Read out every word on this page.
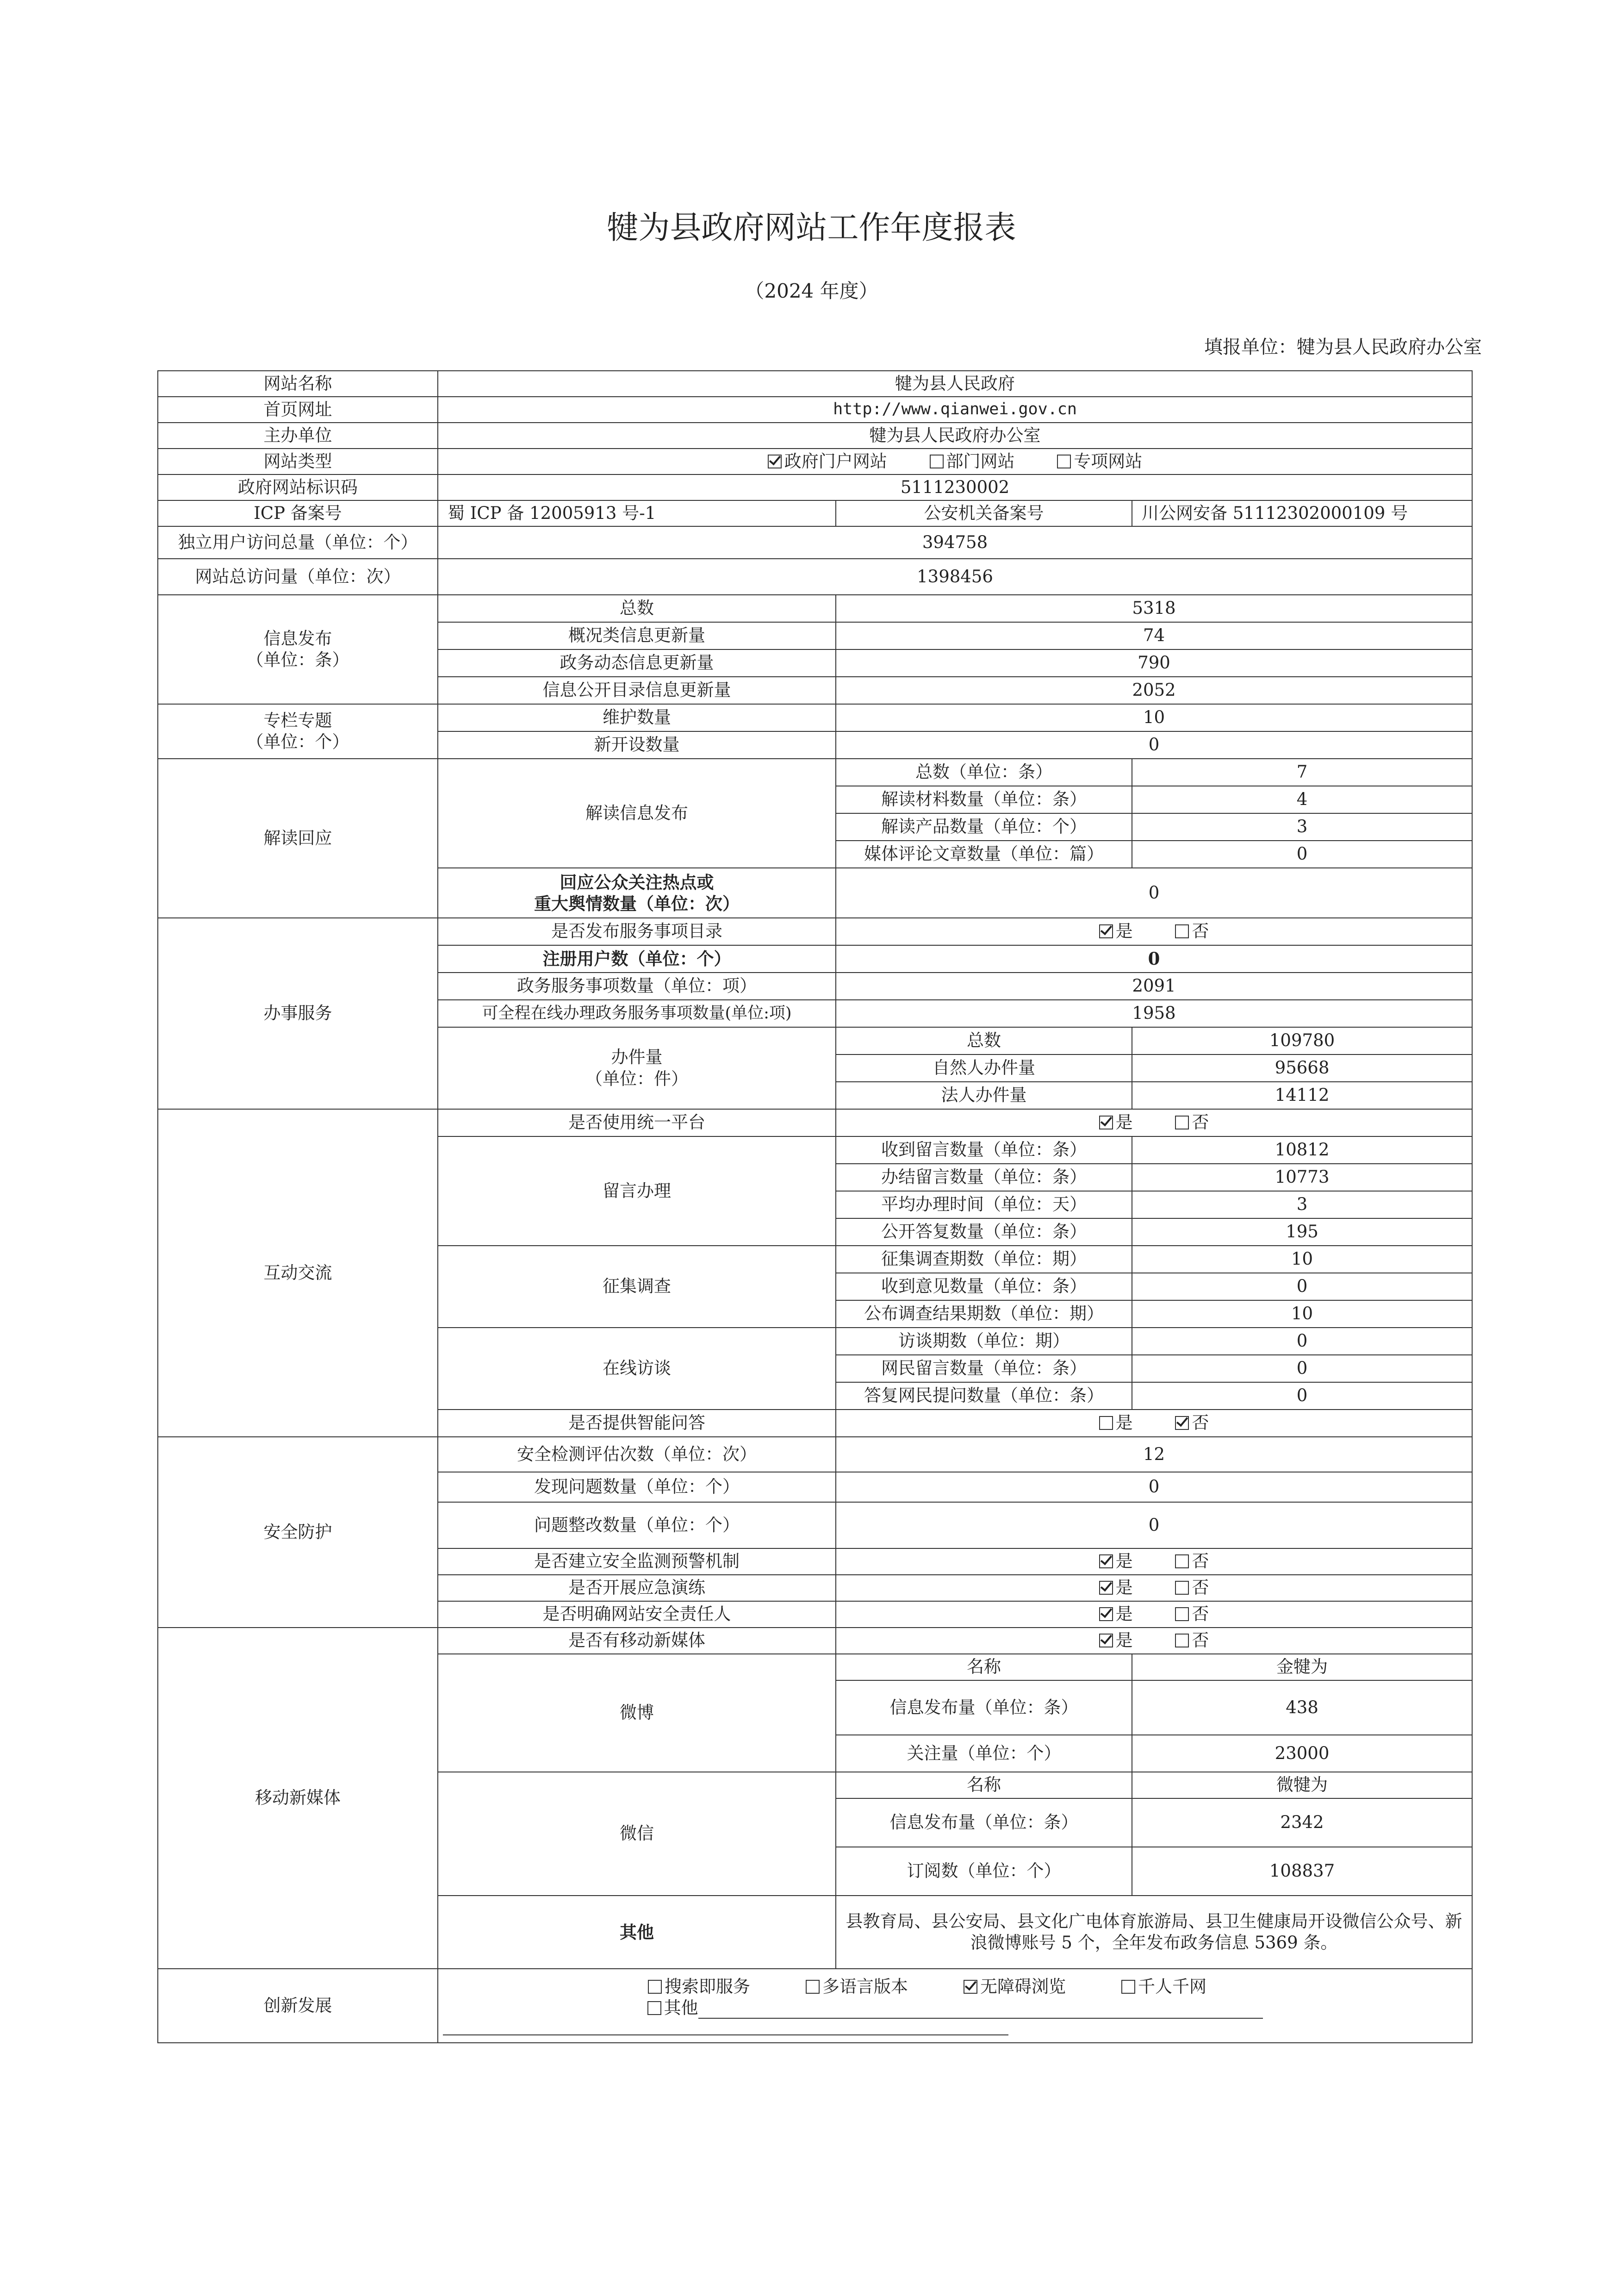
犍为县政府网站工作年度报表
（2024 年度）
填报单位：犍为县人民政府办公室
网站名称	犍为县人民政府		
首页网址	http://www.qianwei.gov.cn		
主办单位	犍为县人民政府办公室		
网站类型	政府门户网站 部门网站 专项网站		
政府网站标识码	5111230002		
ICP 备案号	蜀 ICP 备 12005913 号-1	公安机关备案号	川公网安备 51112302000109 号
独立用户访问总量（单位：个）	394758		
网站总访问量（单位：次）	1398456		
信息发布
（单位：条）	总数	5318	
	概况类信息更新量	74	
	政务动态信息更新量	790	
	信息公开目录信息更新量	2052	
专栏专题
（单位：个）	维护数量	10	
	新开设数量	0	
解读回应	解读信息发布	总数（单位：条）	7
		解读材料数量（单位：条）	4
		解读产品数量（单位：个）	3
		媒体评论文章数量（单位：篇）	0
	回应公众关注热点或
重大舆情数量（单位：次）	0	
办事服务	是否发布服务事项目录	是 否	
	注册用户数（单位：个）	0	
	政务服务事项数量（单位：项）	2091	
	可全程在线办理政务服务事项数量(单位:项)	1958	
	办件量
（单位：件）	总数	109780
		自然人办件量	95668
		法人办件量	14112
互动交流	是否使用统一平台	是 否	
	留言办理	收到留言数量（单位：条）	10812
		办结留言数量（单位：条）	10773
		平均办理时间（单位：天）	3
		公开答复数量（单位：条）	195
	征集调查	征集调查期数（单位：期）	10
		收到意见数量（单位：条）	0
		公布调查结果期数（单位：期）	10
	在线访谈	访谈期数（单位：期）	0
		网民留言数量（单位：条）	0
		答复网民提问数量（单位：条）	0
	是否提供智能问答	是 否	
安全防护	安全检测评估次数（单位：次）	12	
	发现问题数量（单位：个）	0	
	问题整改数量（单位：个）	0	
	是否建立安全监测预警机制	是 否	
	是否开展应急演练	是 否	
	是否明确网站安全责任人	是 否	
移动新媒体	是否有移动新媒体	是 否	
	微博	名称	金犍为
		信息发布量（单位：条）	438
		关注量（单位：个）	23000
	微信	名称	微犍为
		信息发布量（单位：条）	2342
		订阅数（单位：个）	108837
	其他	县教育局、县公安局、县文化广电体育旅游局、县卫生健康局开设微信公众号、新浪微博账号 5 个，全年发布政务信息 5369 条。	
创新发展	搜索即服务 多语言版本 无障碍浏览 千人千网
其他		
